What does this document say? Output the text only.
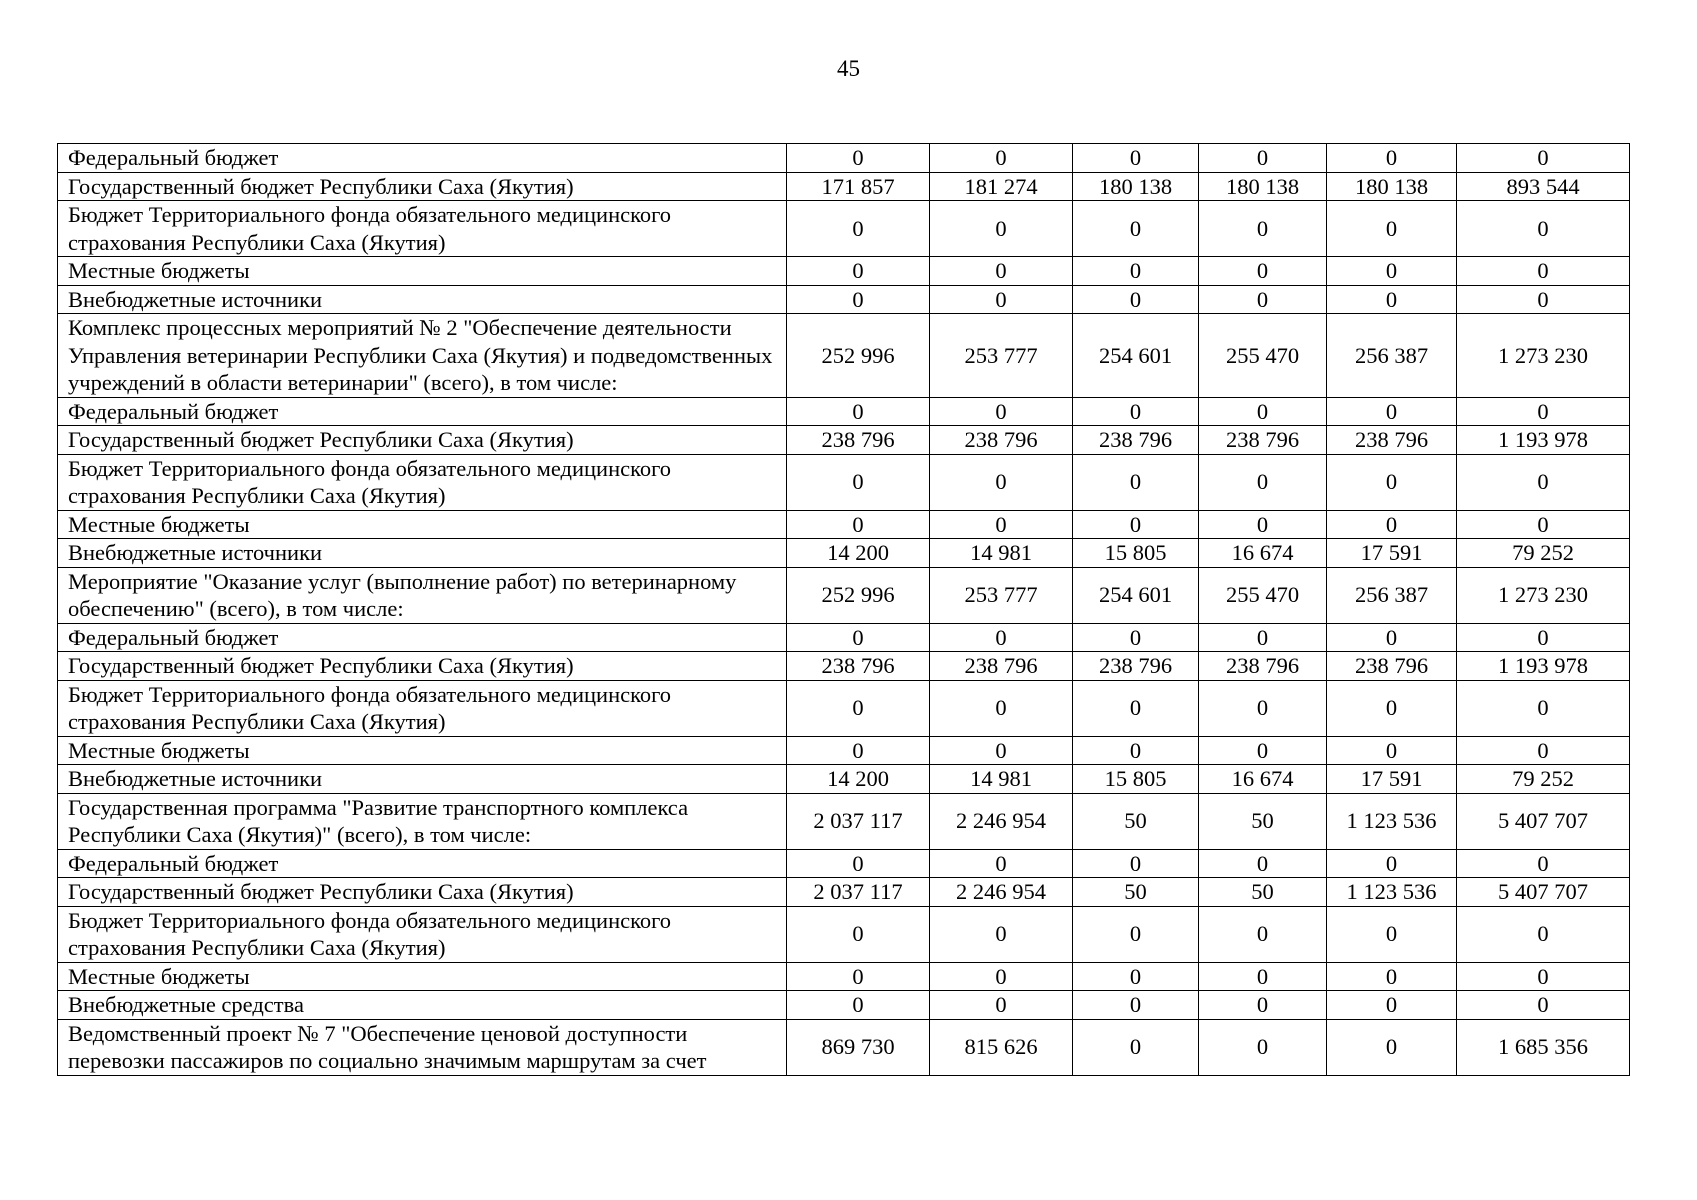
45
Федеральный бюджет	0	0	0	0	0	0
Государственный бюджет Республики Саха (Якутия)	171 857	181 274	180 138	180 138	180 138	893 544
Бюджет Территориального фонда обязательного медицинского страхования Республики Саха (Якутия)	0	0	0	0	0	0
Местные бюджеты	0	0	0	0	0	0
Внебюджетные источники	0	0	0	0	0	0
Комплекс процессных мероприятий № 2 "Обеспечение деятельности Управления ветеринарии Республики Саха (Якутия) и подведомственных учреждений в области ветеринарии" (всего), в том числе:	252 996	253 777	254 601	255 470	256 387	1 273 230
Федеральный бюджет	0	0	0	0	0	0
Государственный бюджет Республики Саха (Якутия)	238 796	238 796	238 796	238 796	238 796	1 193 978
Бюджет Территориального фонда обязательного медицинского страхования Республики Саха (Якутия)	0	0	0	0	0	0
Местные бюджеты	0	0	0	0	0	0
Внебюджетные источники	14 200	14 981	15 805	16 674	17 591	79 252
Мероприятие "Оказание услуг (выполнение работ) по ветеринарному обеспечению" (всего), в том числе:	252 996	253 777	254 601	255 470	256 387	1 273 230
Федеральный бюджет	0	0	0	0	0	0
Государственный бюджет Республики Саха (Якутия)	238 796	238 796	238 796	238 796	238 796	1 193 978
Бюджет Территориального фонда обязательного медицинского страхования Республики Саха (Якутия)	0	0	0	0	0	0
Местные бюджеты	0	0	0	0	0	0
Внебюджетные источники	14 200	14 981	15 805	16 674	17 591	79 252
Государственная программа "Развитие транспортного комплекса Республики Саха (Якутия)" (всего), в том числе:	2 037 117	2 246 954	50	50	1 123 536	5 407 707
Федеральный бюджет	0	0	0	0	0	0
Государственный бюджет Республики Саха (Якутия)	2 037 117	2 246 954	50	50	1 123 536	5 407 707
Бюджет Территориального фонда обязательного медицинского страхования Республики Саха (Якутия)	0	0	0	0	0	0
Местные бюджеты	0	0	0	0	0	0
Внебюджетные средства	0	0	0	0	0	0
Ведомственный проект № 7 "Обеспечение ценовой доступности перевозки пассажиров по социально значимым маршрутам за счет	869 730	815 626	0	0	0	1 685 356
